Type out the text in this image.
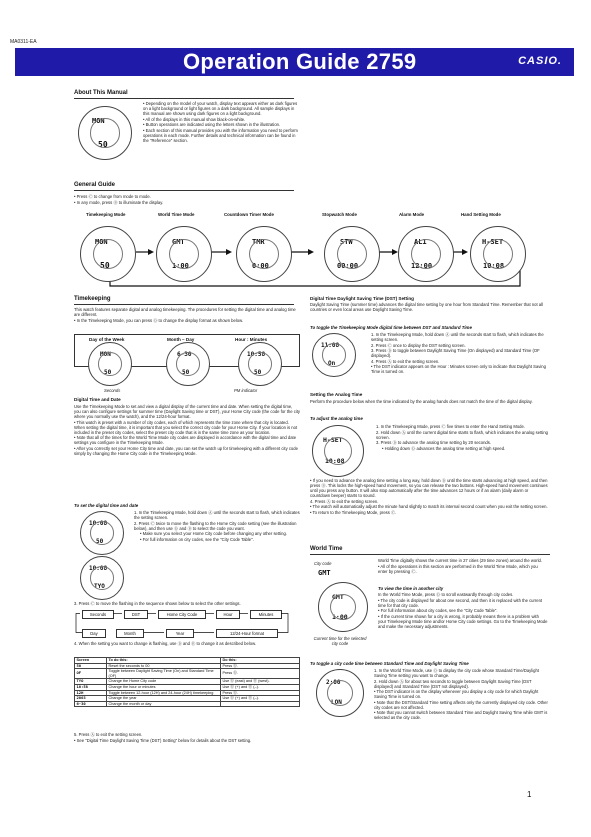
MA0311-EA
Operation Guide 2759	CASIO.
About This Manual
MON
50

• Depending on the model of your watch, display text appears either as dark figures on a light background or light figures on a dark background. All sample displays in this manual are shown using dark figures on a light background.

• All of the displays in this manual show black-on-white.

• Button operations are indicated using the letters shown in the illustration.

• Each section of this manual provides you with the information you need to perform operations in each mode. Further details and technical information can be found in the "Reference" section.

General Guide

• Press Ⓒ to change from mode to mode.

• In any mode, press Ⓑ to illuminate the display.

Timekeeping Mode	World Time Mode	Countdown Timer Mode	Stopwatch Mode	Alarm Mode	Hand Setting Mode
MON
50
GMT
1:00
TMR
0:00
STW
00:00
AL1
12:00
H-SET
10:08
Timekeeping

This watch features separate digital and analog timekeeping. The procedures for setting the digital time and analog time are different.

• In the Timekeeping Mode, you can press Ⓓ to change the display format as shown below.

Day of the Week	Month – Day	Hour : Minutes
MON
50
6-30
50
10:58
50
Seconds	PM indicator
Digital Time and Date

Use the Timekeeping Mode to set and view a digital display of the current time and date. When setting the digital time, you can also configure settings for summer time (Daylight Saving time or DST), your Home City code (the code for the city where you normally use the watch), and the 12/24-hour format.

• This watch is preset with a number of city codes, each of which represents the time zone where that city is located. When setting the digital time, it is important that you select the correct city code for your Home City. If your location is not included in the preset city codes, select the preset city code that is in the same time zone as your location.

• Note that all of the times for the World Time Mode city codes are displayed in accordance with the digital time and date settings you configure in the Timekeeping Mode.

• After you correctly set your Home City time and date, you can set the watch up for timekeeping with a different city code simply by changing the Home City code in the Timekeeping Mode.

To set the digital time and date
10:08
50
10:08
TYO

1. In the Timekeeping Mode, hold down Ⓐ until the seconds start to flash, which indicates the setting screen.

2. Press Ⓒ twice to move the flashing to the Home City code setting (see the illustration below), and then use Ⓓ and Ⓑ to select the code you want.

• Make sure you select your Home City code before changing any other setting.

• For full information on city codes, see the "City Code Table".

3. Press Ⓒ to move the flashing in the sequence shown below to select the other settings.
Seconds	DST	Home City Code	Hour	Minutes
Day	Month	Year	12/24-Hour format
4. When the setting you want to change is flashing, use Ⓓ and Ⓑ to change it as described below.
Screen	To do this:	Do this:
50	Reset the seconds to 00	Press Ⓓ.
OF	Toggle between Daylight Saving Time (On) and Standard Time (OF)	Press Ⓓ.
TYO	Change the Home City code	Use Ⓓ (east) and Ⓑ (west).
10:58	Change the hour or minutes	Use Ⓓ (+) and Ⓑ (–).
12H	Toggle between 12-hour (12H) and 24-hour (24H) timekeeping	Press Ⓓ.
2003	Change the year	Use Ⓓ (+) and Ⓑ (–).
6-30	Change the month or day	

5. Press Ⓐ to exit the setting screen.

• See "Digital Time Daylight Saving Time (DST) Setting" below for details about the DST setting.

Digital Time Daylight Saving Time (DST) Setting
Daylight Saving Time (summer time) advances the digital time setting by one hour from Standard Time. Remember that not all countries or even local areas use Daylight Saving Time.
To toggle the Timekeeping Mode digital time between DST and Standard Time
11:08
On

1. In the Timekeeping Mode, hold down Ⓐ until the seconds start to flash, which indicates the setting screen.

2. Press Ⓒ once to display the DST setting screen.

3. Press Ⓓ to toggle between Daylight Saving Time (On displayed) and Standard Time (OF displayed).

4. Press Ⓐ to exit the setting screen.

• The DST indicator appears on the Hour : Minutes screen only to indicate that Daylight Saving Time is turned on.

Setting the Analog Time
Perform the procedure below when the time indicated by the analog hands does not match the time of the digital display.
To adjust the analog time
H-SET
10:08

1. In the Timekeeping Mode, press Ⓒ five times to enter the Hand Setting Mode.

2. Hold down Ⓐ until the current digital time starts to flash, which indicates the analog setting screen.

3. Press Ⓓ to advance the analog time setting by 20 seconds.

• Holding down Ⓓ advances the analog time setting at high speed.

• If you need to advance the analog time setting a long way, hold down Ⓓ until the time starts advancing at high speed, and then press Ⓑ. This locks the high-speed hand movement, so you can release the two buttons. High-speed hand movement continues until you press any button. It will also stop automatically after the time advances 12 hours or if an alarm (daily alarm or countdown beeper) starts to sound.

4. Press Ⓐ to exit the setting screen.

• The watch will automatically adjust the minute hand slightly to match its internal second count when you exit the setting screen.

• To return to the Timekeeping Mode, press Ⓒ.

World Time
City code
GMT
GMT
1:00
Current time for the selected city code

World Time digitally shows the current time in 27 cities (29 time zones) around the world.

• All of the operations in this section are performed in the World Time Mode, which you enter by pressing Ⓒ.

To view the time in another city

In the World Time Mode, press Ⓓ to scroll eastwardly through city codes.

• The city code is displayed for about one second, and then it is replaced with the current time for that city code.

• For full information about city codes, see the "City Code Table".

• If the current time shown for a city is wrong, it probably means there is a problem with your Timekeeping Mode time and/or Home City code settings. Go to the Timekeeping Mode and make the necessary adjustments.

To toggle a city code time between Standard Time and Daylight Saving Time
2:00
LON

1. In the World Time Mode, use Ⓓ to display the city code whose Standard Time/Daylight Saving Time setting you want to change.

2. Hold down Ⓐ for about two seconds to toggle between Daylight Saving Time (DST displayed) and Standard Time (DST not displayed).

• The DST indicator is on the display whenever you display a city code for which Daylight Saving Time is turned on.

• Note that the DST/Standard Time setting affects only the currently displayed city code. Other city codes are not affected.

• Note that you cannot switch between Standard Time and Daylight Saving Time while GMT is selected as the city code.

1
